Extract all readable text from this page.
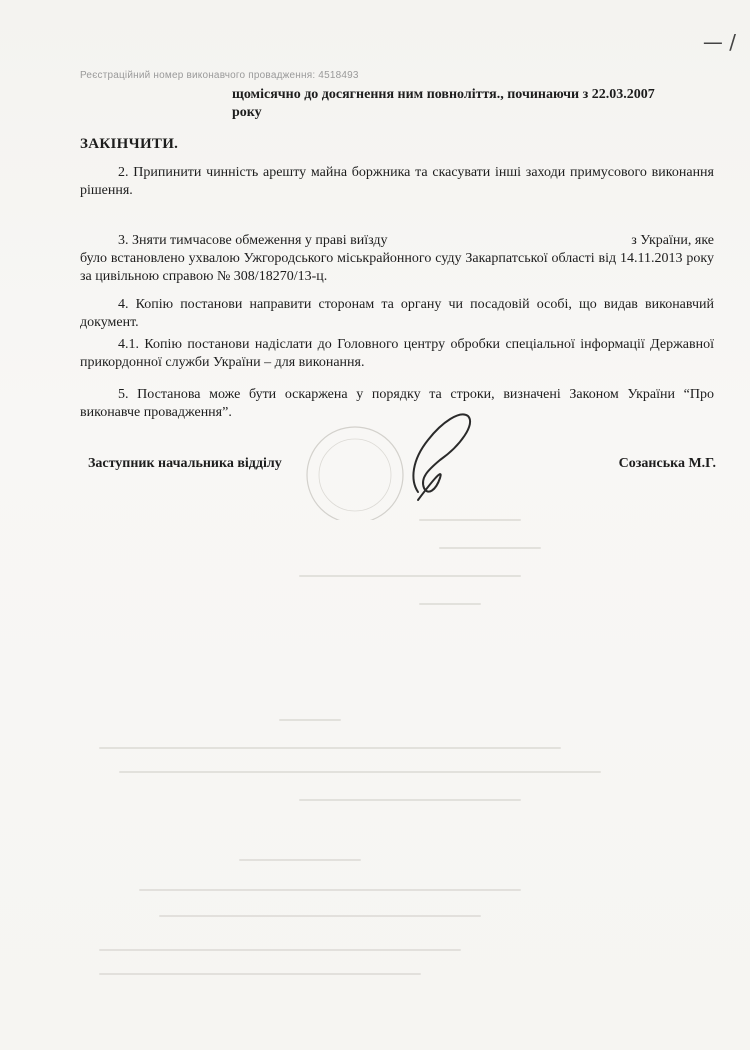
Реєстраційний номер виконавчого провадження: 4518493
— /
щомісячно до досягнення ним повноліття., починаючи з 22.03.2007
року
ЗАКІНЧИТИ.
2. Припинити чинність арешту майна боржника та скасувати інші заходи примусового виконання рішення.
3. Зняти тимчасове обмеження у праві виїзду	з України, яке
було встановлено ухвалою Ужгородського міськрайонного суду Закарпатської області від 14.11.2013 року за цивільною справою № 308/18270/13-ц.
4. Копію постанови направити сторонам та органу чи посадовій особі, що видав виконавчий документ.
4.1. Копію постанови надіслати до Головного центру обробки спеціальної інформації Державної прикордонної служби України – для виконання.
5. Постанова може бути оскаржена у порядку та строки, визначені Законом України “Про виконавче провадження”.
Заступник начальника відділу	Созанська М.Г.
